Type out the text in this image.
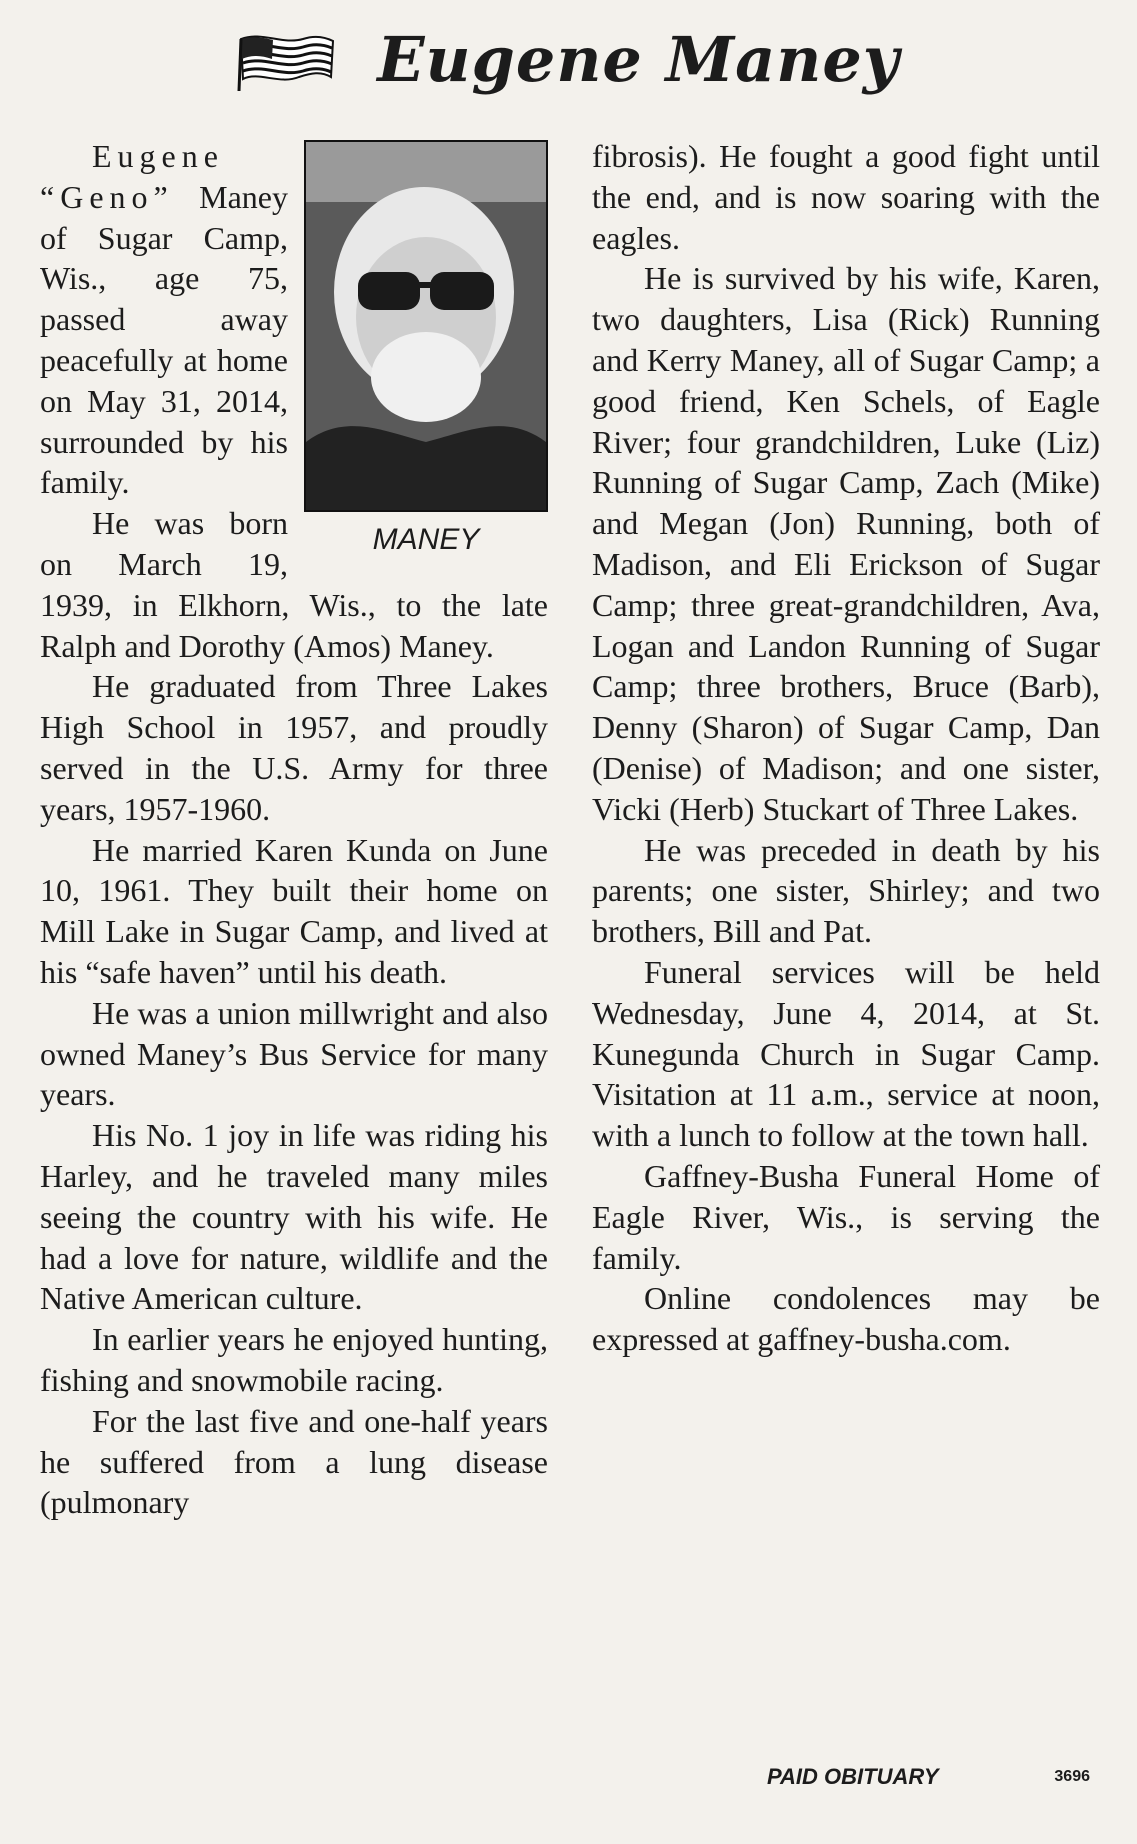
Eugene Maney
MANEY

Eugene “Geno” Maney of Sugar Camp, Wis., age 75, passed away peacefully at home on May 31, 2014, surrounded by his family.

He was born on March 19, 1939, in Elkhorn, Wis., to the late Ralph and Dorothy (Amos) Maney.

He graduated from Three Lakes High School in 1957, and proudly served in the U.S. Army for three years, 1957-1960.

He married Karen Kunda on June 10, 1961. They built their home on Mill Lake in Sugar Camp, and lived at his “safe haven” until his death.

He was a union millwright and also owned Maney’s Bus Service for many years.

His No. 1 joy in life was riding his Harley, and he traveled many miles seeing the country with his wife. He had a love for nature, wildlife and the Native American culture.

In earlier years he enjoyed hunting, fishing and snowmobile racing.

For the last five and one-half years he suffered from a lung disease (pulmonary

fibrosis). He fought a good fight until the end, and is now soaring with the eagles.

He is survived by his wife, Karen, two daughters, Lisa (Rick) Running and Kerry Maney, all of Sugar Camp; a good friend, Ken Schels, of Eagle River; four grandchildren, Luke (Liz) Running of Sugar Camp, Zach (Mike) and Megan (Jon) Running, both of Madison, and Eli Erickson of Sugar Camp; three great-grandchildren, Ava, Logan and Landon Running of Sugar Camp; three brothers, Bruce (Barb), Denny (Sharon) of Sugar Camp, Dan (Denise) of Madison; and one sister, Vicki (Herb) Stuckart of Three Lakes.

He was preceded in death by his parents; one sister, Shirley; and two brothers, Bill and Pat.

Funeral services will be held Wednesday, June 4, 2014, at St. Kunegunda Church in Sugar Camp. Visitation at 11 a.m., service at noon, with a lunch to follow at the town hall.

Gaffney-Busha Funeral Home of Eagle River, Wis., is serving the family.

Online condolences may be expressed at gaffney-busha.com.

PAID OBITUARY	3696
